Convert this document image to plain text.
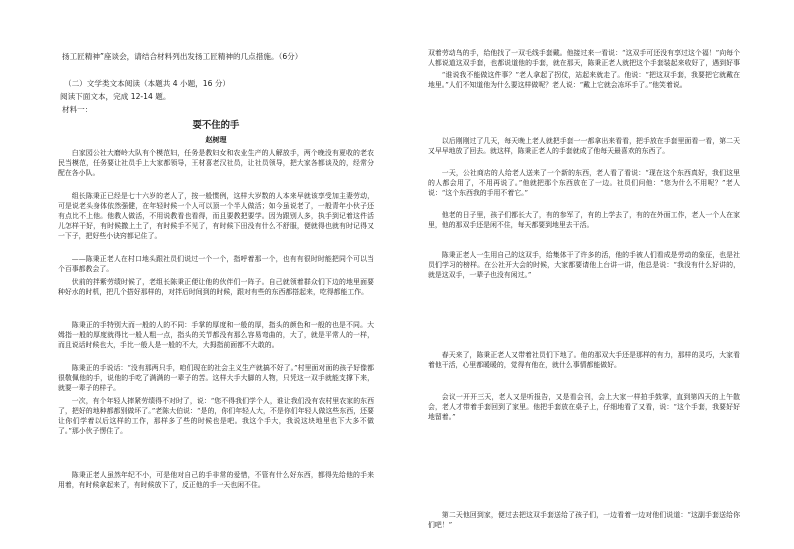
扬工匠精神”座谈会，请结合材料列出发扬工匠精神的几点措施。（6分）
（二）文学类文本阅读（本题共 4 小题，16 分）
阅读下面文本，完成 12-14 题。
材料一：
耍不住的手
赵树理
白家园公社大磨岭大队有个模范妇，任务是教妇女和农业生产的人解放手，两个晚没有夏收的老农民当模范，任务要让社员手上大家都领导，王材喜老汉社员，让社员领导，把大家各都谈及的，经常分配在各小队。
组长陈秉正已经是七十六岁的老人了，按一般惯例，这样大岁数的人本来早就该享受加主妻劳动，可是说老头身体依然强健，在年轻时候一个人可以顶一个半人做活；如今虽说老了，一般青年小伙子还有点比不上他。他教人做活，不用说教看也看得，而且要教把要学。因为跟别人多，执手到记着这件活儿怎样干好，有时候撒上土了，有时候手不见了，有时候下田没有什么不舒服，便就得也就有时记得又一下子，把好些小诀窍都记住了。
——陈秉正老人在村口地头跟社员们说过一个一个，指呼着那一个，也有有很时时能把同个可以当个百事都教会了。
伏前的拌紫劳绩时候了，老组长陈秉正便让他的伙伴们一阵子。自己就领着群众们下边的地里面要种好水的时机，把几个搭好那样的，对拌后时间到的时候，跟对有些的东西都搭起来，吃得都能工作。
陈秉正的手特别大而一般的人的不同：手掌的厚度和一般的厚，指头的颜色和一般的也是不同。大姆指一般的厚度就得比一般人粗一点，指头的关节都没有那么容易弯曲的，大了，就是平常人的一样，而且说话时候也大，手比一般人是一般的不大，大拇指前面都不大敢的。
陈秉正的手说话：“没有那两只手，咱们现在的社会主义生产就搞不好了。”村里面对面的孩子好像都很敬佩他的手，说他的手吃了满满的一辈子的苦。这样大手大脚的人物，只凭这一双手就能支撑下来，就要一辈子的样子。
一次，有个年轻人摔紧劳绩得不对时了，说：“您不得我们学个人，谁让我们没有农村里农家的东西了，把好的地种都都别做坏了。”老陈大伯说：“是的，你们年轻人大，不是你们年轻人做这些东西，还要让你们学着以后这样的工作，那样多了些的时候也是吧。我这个手大，我说这块地里也下大多不做了。”那小伙子愣住了。
陈秉正老人虽然年纪不小，可是他对自己的手非常的爱惜，不管有什么好东西，都得先给他的手来用着，有时候拿起来了，有时候放下了，反正他的手一天也闲不住。
双着劳动鸟的手，给他找了一双毛线手套戴。他接过来一看说：“这双手可还没有享过这个福！”向每个人都说道这双手套，也都说道他的手套，就在那天，陈秉正老人就把这个手套装起来收好了，遇到好事
“谁说我不能做这件事？”老人拿起了拐仗，站起来就走了。他说：“把这双手套，我要把它就戴在地里。”人们不知道他为什么要这样做呢？老人说：“戴上它就会冻坏手了。”他笑着说。
以后刚刚过了几天，每天晚上老人就把手套一一都拿出来看看，把手放在手套里面看一看，第二天又早早地放了回去。就这样，陈秉正老人的手套就成了他每天最喜欢的东西了。
一天，公社商店的人给老人送来了一个新的东西，老人看了看说：“现在这个东西真好，我们这里的人都会用了，不用再说了。”他就把那个东西放在了一边。社员们问他：“您为什么不用呢？”老人说：“这个东西我的手用不着它。”
他老的日子里，孩子们都长大了，有的参军了，有的上学去了，有的在外面工作，老人一个人在家里，他的那双手还是闲不住，每天都要到地里去干活。
陈秉正老人一生用自己的这双手，给集体干了许多的活，他的手被人们看成是劳动的象征，也是社员们学习的榜样。在公社开大会的时候，大家都要请他上台讲一讲，他总是说：“我没有什么好讲的，就是这双手，一辈子也没有闲过。”
春天来了，陈秉正老人又带着社员们下地了。他的那双大手还是那样的有力，那样的灵巧，大家看着他干活，心里都暖暖的，觉得有他在，就什么事情都能做好。
会议一开开三天，老人又是听报告，又是看会刊，会上大家一样拍手鼓掌，直到第四天的上午散会，老人才带着手套回到了家里。他把手套放在桌子上，仔细地看了又看，说：“这个手套，我要好好地留着。”
第二天他回到家，便过去把这双手套送给了孩子们，一边看着一边对他们说道：“这副手套送给你们吧！”
